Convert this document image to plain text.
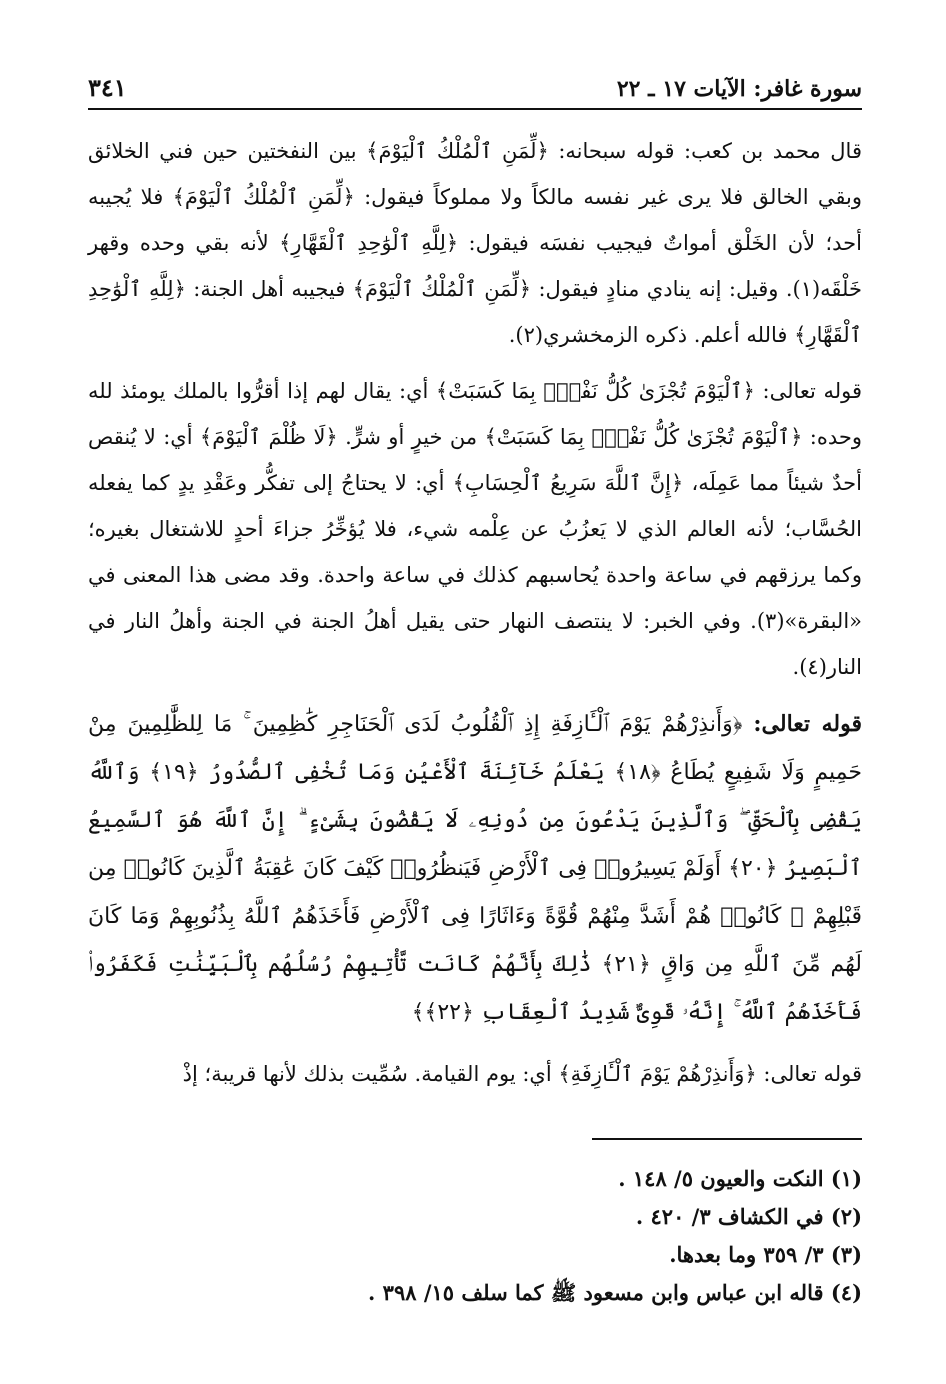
سورة غافر: الآيات ١٧ ـ ٢٢
٣٤١

قال محمد بن كعب: قوله سبحانه: ﴿لِّمَنِ ٱلْمُلْكُ ٱلْيَوْمَ﴾ بين النفختين حين فني الخلائق وبقي الخالق فلا يرى غير نفسه مالكاً ولا مملوكاً فيقول: ﴿لِّمَنِ ٱلْمُلْكُ ٱلْيَوْمَ﴾ فلا يُجيبه أحد؛ لأن الخَلْق أمواتٌ فيجيب نفسَه فيقول: ﴿لِلَّهِ ٱلْوَٰحِدِ ٱلْقَهَّارِ﴾ لأنه بقي وحده وقهر خَلْقَه(١). وقيل: إنه ينادي منادٍ فيقول: ﴿لِّمَنِ ٱلْمُلْكُ ٱلْيَوْمَ﴾ فيجيبه أهل الجنة: ﴿لِلَّهِ ٱلْوَٰحِدِ ٱلْقَهَّارِ﴾ فالله أعلم. ذكره الزمخشري(٢).

قوله تعالى: ﴿ٱلْيَوْمَ تُجْزَىٰ كُلُّ نَفْسٍۭ بِمَا كَسَبَتْ﴾ أي: يقال لهم إذا أقرُّوا بالملك يومئذ لله وحده: ﴿ٱلْيَوْمَ تُجْزَىٰ كُلُّ نَفْسٍۭ بِمَا كَسَبَتْ﴾ من خيرٍ أو شرٍّ. ﴿لَا ظُلْمَ ٱلْيَوْمَ﴾ أي: لا يُنقص أحدٌ شيئاً مما عَمِلَه، ﴿إِنَّ ٱللَّهَ سَرِيعُ ٱلْحِسَابِ﴾ أي: لا يحتاجُ إلى تفكُّر وعَقْدِ يدٍ كما يفعله الحُسَّاب؛ لأنه العالم الذي لا يَعزُبُ عن عِلْمه شيء، فلا يُؤخِّرُ جزاءَ أحدٍ للاشتغال بغيره؛ وكما يرزقهم في ساعة واحدة يُحاسبهم كذلك في ساعة واحدة. وقد مضى هذا المعنى في «البقرة»(٣). وفي الخبر: لا ينتصف النهار حتى يقيل أهلُ الجنة في الجنة وأهلُ النار في النار(٤).

قوله تعالى: ﴿وَأَنذِرْهُمْ يَوْمَ ٱلْـَٔازِفَةِ إِذِ ٱلْقُلُوبُ لَدَى ٱلْحَنَاجِرِ كَٰظِمِينَ ۚ مَا لِلظَّٰلِمِينَ مِنْ حَمِيمٍ وَلَا شَفِيعٍ يُطَاعُ ﴿١٨﴾ يَعْلَمُ خَآئِنَةَ ٱلْأَعْيُنِ وَمَا تُخْفِى ٱلصُّدُورُ ﴿١٩﴾ وَٱللَّهُ يَقْضِى بِٱلْحَقِّ ۖ وَٱلَّذِينَ يَدْعُونَ مِن دُونِهِۦ لَا يَقْضُونَ بِشَىْءٍ ۗ إِنَّ ٱللَّهَ هُوَ ٱلسَّمِيعُ ٱلْبَصِيرُ ﴿٢٠﴾ أَوَلَمْ يَسِيرُوا۟ فِى ٱلْأَرْضِ فَيَنظُرُوا۟ كَيْفَ كَانَ عَٰقِبَةُ ٱلَّذِينَ كَانُوا۟ مِن قَبْلِهِمْ ۚ كَانُوا۟ هُمْ أَشَدَّ مِنْهُمْ قُوَّةً وَءَاثَارًا فِى ٱلْأَرْضِ فَأَخَذَهُمُ ٱللَّهُ بِذُنُوبِهِمْ وَمَا كَانَ لَهُم مِّنَ ٱللَّهِ مِن وَاقٍ ﴿٢١﴾ ذَٰلِكَ بِأَنَّهُمْ كَانَت تَّأْتِيهِمْ رُسُلُهُم بِٱلْبَيِّنَٰتِ فَكَفَرُوا۟ فَأَخَذَهُمُ ٱللَّهُ ۚ إِنَّهُۥ قَوِىٌّ شَدِيدُ ٱلْعِقَابِ ﴿٢٢﴾﴾

قوله تعالى: ﴿وَأَنذِرْهُمْ يَوْمَ ٱلْـَٔازِفَةِ﴾ أي: يوم القيامة. سُمِّيت بذلك لأنها قريبة؛ إذْ

(١) النكت والعيون ٥/ ١٤٨ .

(٢) في الكشاف ٣/ ٤٢٠ .

(٣) ٣/ ٣٥٩ وما بعدها.

(٤) قاله ابن عباس وابن مسعود ﷺ كما سلف ١٥/ ٣٩٨ .
